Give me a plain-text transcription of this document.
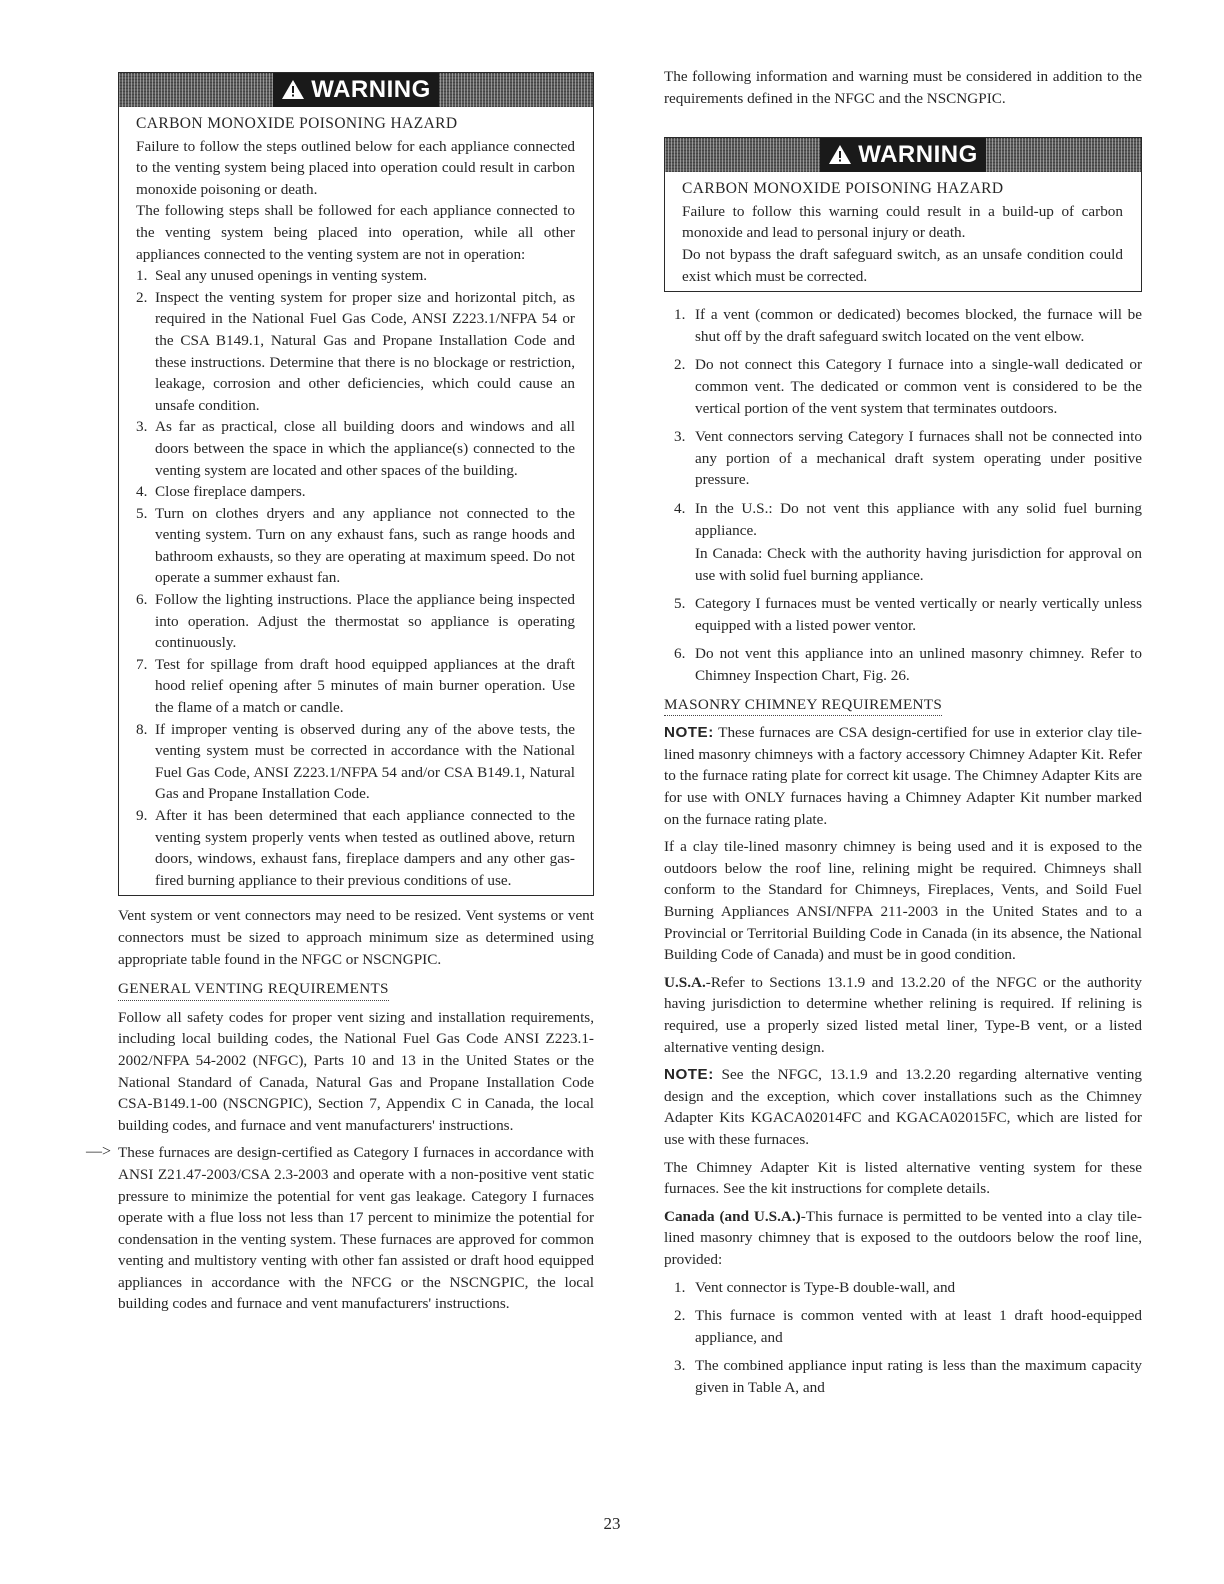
WARNING
CARBON MONOXIDE POISONING HAZARD

Failure to follow the steps outlined below for each appliance connected to the venting system being placed into operation could result in carbon monoxide poisoning or death.

The following steps shall be followed for each appliance connected to the venting system being placed into operation, while all other appliances connected to the venting system are not in operation:

1. Seal any unused openings in venting system.
2. Inspect the venting system for proper size and horizontal pitch, as required in the National Fuel Gas Code, ANSI Z223.1/NFPA 54 or the CSA B149.1, Natural Gas and Propane Installation Code and these instructions. Determine that there is no blockage or restriction, leakage, corrosion and other deficiencies, which could cause an unsafe condition.
3. As far as practical, close all building doors and windows and all doors between the space in which the appliance(s) connected to the venting system are located and other spaces of the building.
4. Close fireplace dampers.
5. Turn on clothes dryers and any appliance not connected to the venting system. Turn on any exhaust fans, such as range hoods and bathroom exhausts, so they are operating at maximum speed. Do not operate a summer exhaust fan.
6. Follow the lighting instructions. Place the appliance being inspected into operation. Adjust the thermostat so appliance is operating continuously.
7. Test for spillage from draft hood equipped appliances at the draft hood relief opening after 5 minutes of main burner operation. Use the flame of a match or candle.
8. If improper venting is observed during any of the above tests, the venting system must be corrected in accordance with the National Fuel Gas Code, ANSI Z223.1/NFPA 54 and/or CSA B149.1, Natural Gas and Propane Installation Code.
9. After it has been determined that each appliance connected to the venting system properly vents when tested as outlined above, return doors, windows, exhaust fans, fireplace dampers and any other gas-fired burning appliance to their previous conditions of use.

Vent system or vent connectors may need to be resized. Vent systems or vent connectors must be sized to approach minimum size as determined using appropriate table found in the NFGC or NSCNGPIC.

GENERAL VENTING REQUIREMENTS

Follow all safety codes for proper vent sizing and installation requirements, including local building codes, the National Fuel Gas Code ANSI Z223.1-2002/NFPA 54-2002 (NFGC), Parts 10 and 13 in the United States or the National Standard of Canada, Natural Gas and Propane Installation Code CSA-B149.1-00 (NSCNGPIC), Section 7, Appendix C in Canada, the local building codes, and furnace and vent manufacturers' instructions.

—> These furnaces are design-certified as Category I furnaces in accordance with ANSI Z21.47-2003/CSA 2.3-2003 and operate with a non-positive vent static pressure to minimize the potential for vent gas leakage. Category I furnaces operate with a flue loss not less than 17 percent to minimize the potential for condensation in the venting system. These furnaces are approved for common venting and multistory venting with other fan assisted or draft hood equipped appliances in accordance with the NFCG or the NSCNGPIC, the local building codes and furnace and vent manufacturers' instructions.

The following information and warning must be considered in addition to the requirements defined in the NFGC and the NSCNGPIC.

WARNING
CARBON MONOXIDE POISONING HAZARD

Failure to follow this warning could result in a build-up of carbon monoxide and lead to personal injury or death.

Do not bypass the draft safeguard switch, as an unsafe condition could exist which must be corrected.

1. If a vent (common or dedicated) becomes blocked, the furnace will be shut off by the draft safeguard switch located on the vent elbow.
2. Do not connect this Category I furnace into a single-wall dedicated or common vent. The dedicated or common vent is considered to be the vertical portion of the vent system that terminates outdoors.
3. Vent connectors serving Category I furnaces shall not be connected into any portion of a mechanical draft system operating under positive pressure.
4. In the U.S.: Do not vent this appliance with any solid fuel burning appliance.
In Canada: Check with the authority having jurisdiction for approval on use with solid fuel burning appliance.
5. Category I furnaces must be vented vertically or nearly vertically unless equipped with a listed power ventor.
6. Do not vent this appliance into an unlined masonry chimney. Refer to Chimney Inspection Chart, Fig. 26.
MASONRY CHIMNEY REQUIREMENTS

NOTE: These furnaces are CSA design-certified for use in exterior clay tile-lined masonry chimneys with a factory accessory Chimney Adapter Kit. Refer to the furnace rating plate for correct kit usage. The Chimney Adapter Kits are for use with ONLY furnaces having a Chimney Adapter Kit number marked on the furnace rating plate.

If a clay tile-lined masonry chimney is being used and it is exposed to the outdoors below the roof line, relining might be required. Chimneys shall conform to the Standard for Chimneys, Fireplaces, Vents, and Soild Fuel Burning Appliances ANSI/NFPA 211-2003 in the United States and to a Provincial or Territorial Building Code in Canada (in its absence, the National Building Code of Canada) and must be in good condition.

U.S.A.-Refer to Sections 13.1.9 and 13.2.20 of the NFGC or the authority having jurisdiction to determine whether relining is required. If relining is required, use a properly sized listed metal liner, Type-B vent, or a listed alternative venting design.

NOTE: See the NFGC, 13.1.9 and 13.2.20 regarding alternative venting design and the exception, which cover installations such as the Chimney Adapter Kits KGACA02014FC and KGACA02015FC, which are listed for use with these furnaces.

The Chimney Adapter Kit is listed alternative venting system for these furnaces. See the kit instructions for complete details.

Canada (and U.S.A.)-This furnace is permitted to be vented into a clay tile-lined masonry chimney that is exposed to the outdoors below the roof line, provided:

1. Vent connector is Type-B double-wall, and
2. This furnace is common vented with at least 1 draft hood-equipped appliance, and
3. The combined appliance input rating is less than the maximum capacity given in Table A, and
23
